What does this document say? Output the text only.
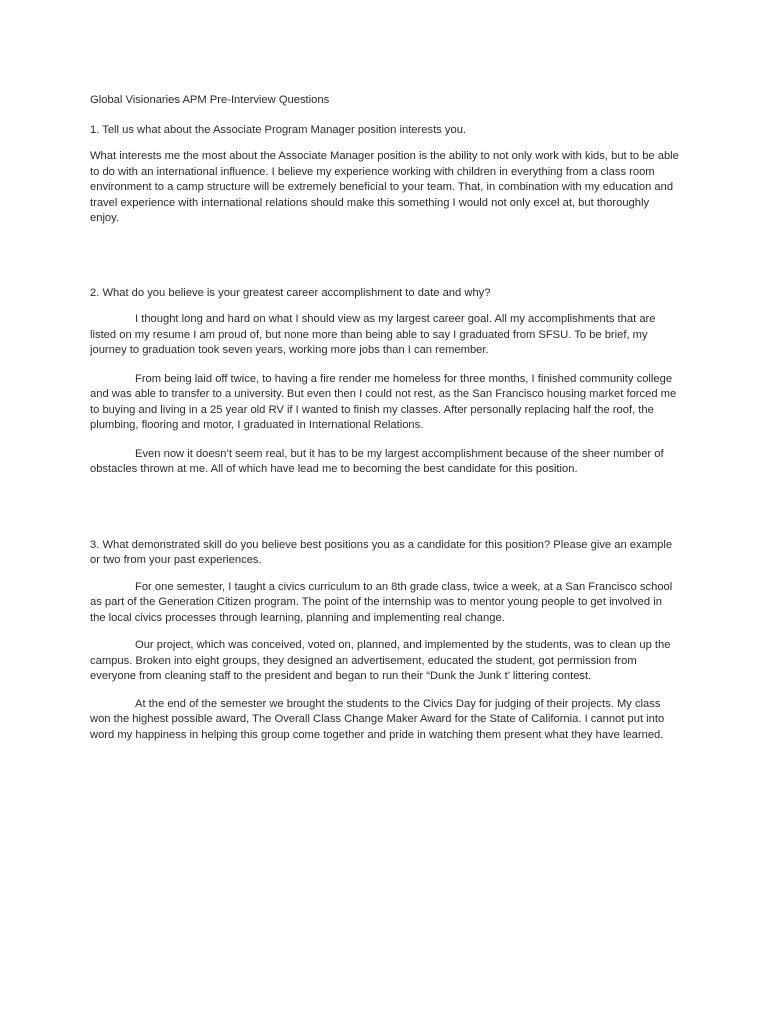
Global Visionaries APM Pre-Interview Questions

1. Tell us what about the Associate Program Manager position interests you.

What interests me the most about the Associate Manager position is the ability to not only work with kids, but to be able to do with an international influence. I believe my experience working with children in everything from a class room environment to a camp structure will be extremely beneficial to your team. That, in combination with my education and travel experience with international relations should make this something I would not only excel at, but thoroughly enjoy.

2. What do you believe is your greatest career accomplishment to date and why?

I thought long and hard on what I should view as my largest career goal. All my accomplishments that are listed on my resume I am proud of, but none more than being able to say I graduated from SFSU. To be brief, my journey to graduation took seven years, working more jobs than I can remember.

From being laid off twice, to having a fire render me homeless for three months, I finished community college and was able to transfer to a university. But even then I could not rest, as the San Francisco housing market forced me to buying and living in a 25 year old RV if I wanted to finish my classes. After personally replacing half the roof, the plumbing, flooring and motor, I graduated in International Relations.

Even now it doesn’t seem real, but it has to be my largest accomplishment because of the sheer number of obstacles thrown at me. All of which have lead me to becoming the best candidate for this position.

3. What demonstrated skill do you believe best positions you as a candidate for this position? Please give an example or two from your past experiences.

For one semester, I taught a civics curriculum to an 8th grade class, twice a week, at a San Francisco school as part of the Generation Citizen program. The point of the internship was to mentor young people to get involved in the local civics processes through learning, planning and implementing real change.

Our project, which was conceived, voted on, planned, and implemented by the students, was to clean up the campus. Broken into eight groups, they designed an advertisement, educated the student, got permission from everyone from cleaning staff to the president and began to run their “Dunk the Junk t’ littering contest.

At the end of the semester we brought the students to the Civics Day for judging of their projects. My class won the highest possible award, The Overall Class Change Maker Award for the State of California. I cannot put into word my happiness in helping this group come together and pride in watching them present what they have learned.
